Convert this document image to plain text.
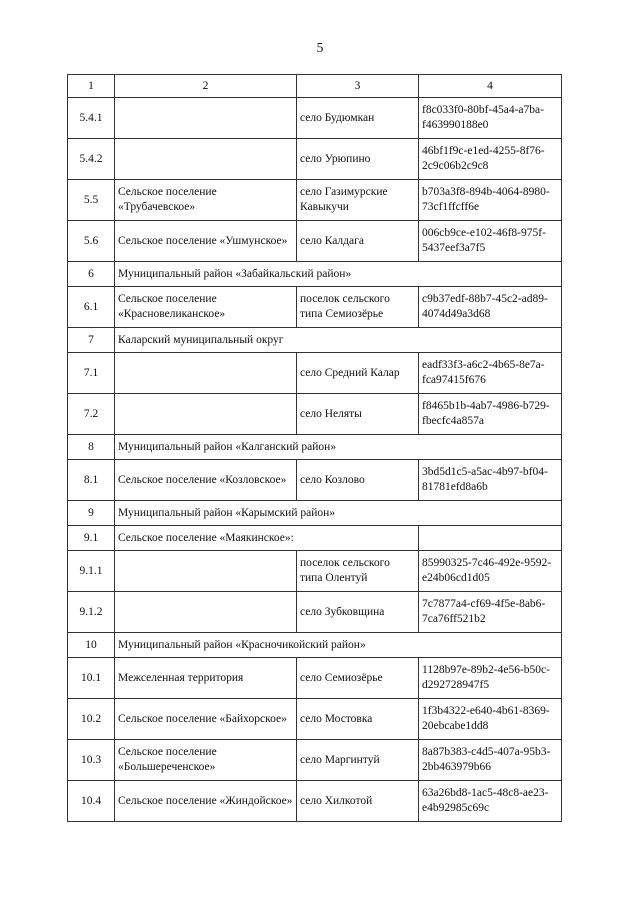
5
1	2	3	4
5.4.1		село Будюмкан	f8c033f0-80bf-45a4-a7ba-f463990188e0
5.4.2		село Урюпино	46bf1f9c-e1ed-4255-8f76-2c9c06b2c9c8
5.5	Сельское поселение «Трубачевское»	село Газимурские Кавыкучи	b703a3f8-894b-4064-8980-73cf1ffcff6e
5.6	Сельское поселение «Ушмунское»	село Калдага	006cb9ce-e102-46f8-975f-5437eef3a7f5
6	Муниципальный район «Забайкальский район»		
6.1	Сельское поселение «Красновеликанское»	поселок сельского типа Семиозёрье	c9b37edf-88b7-45c2-ad89-4074d49a3d68
7	Каларский муниципальный округ		
7.1		село Средний Калар	eadf33f3-a6c2-4b65-8e7a-fca97415f676
7.2		село Неляты	f8465b1b-4ab7-4986-b729-fbecfc4a857a
8	Муниципальный район «Калганский район»		
8.1	Сельское поселение «Козловское»	село Козлово	3bd5d1c5-a5ac-4b97-bf04-81781efd8a6b
9	Муниципальный район «Карымский район»		
9.1	Сельское поселение «Маякинское»:		
9.1.1		поселок сельского типа Олентуй	85990325-7c46-492e-9592-e24b06cd1d05
9.1.2		село Зубковщина	7c7877a4-cf69-4f5e-8ab6-7ca76ff521b2
10	Муниципальный район «Красночикойский район»		
10.1	Межселенная территория	село Семиозёрье	1128b97e-89b2-4e56-b50c-d292728947f5
10.2	Сельское поселение «Байхорское»	село Мостовка	1f3b4322-e640-4b61-8369-20ebcabe1dd8
10.3	Сельское поселение «Большереченское»	село Маргинтуй	8a87b383-c4d5-407a-95b3-2bb463979b66
10.4	Сельское поселение «Жиндойское»	село Хилкотой	63a26bd8-1ac5-48c8-ae23-e4b92985c69c
